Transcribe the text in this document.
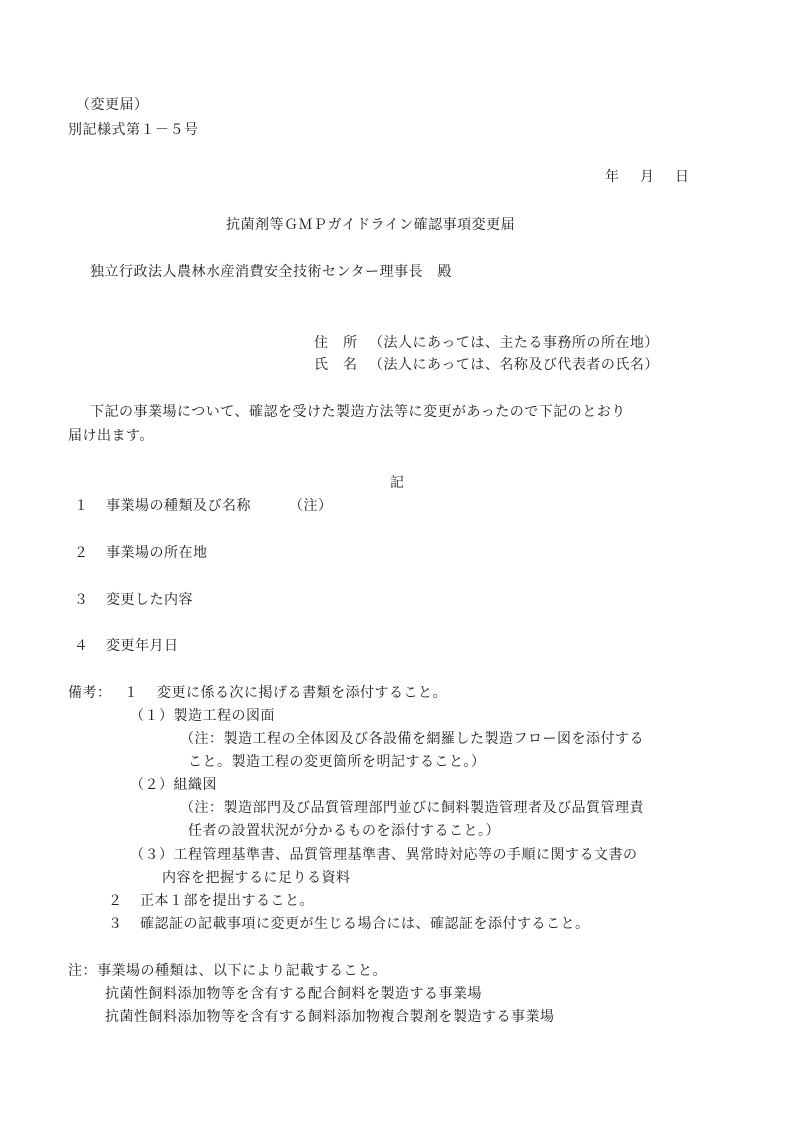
（変更届）
別記様式第１－５号
年 月 日
抗菌剤等ＧＭＰガイドライン確認事項変更届
独立行政法人農林水産消費安全技術センター理事長　殿
住　所 （法人にあっては、主たる事務所の所在地）
氏　名 （法人にあっては、名称及び代表者の氏名）
下記の事業場について、確認を受けた製造方法等に変更があったので下記のとおり
届け出ます。
記
１ 事業場の種類及び名称	（注）
２ 事業場の所在地
３ 変更した内容
４ 変更年月日
備考： １ 変更に係る次に掲げる書類を添付すること。
（１）製造工程の図面
（注：製造工程の全体図及び各設備を網羅した製造フロー図を添付する
こと。製造工程の変更箇所を明記すること。）
（２）組織図
（注：製造部門及び品質管理部門並びに飼料製造管理者及び品質管理責
任者の設置状況が分かるものを添付すること。）
（３）工程管理基準書、品質管理基準書、異常時対応等の手順に関する文書の
内容を把握するに足りる資料
２ 正本１部を提出すること。
３ 確認証の記載事項に変更が生じる場合には、確認証を添付すること。
注：事業場の種類は、以下により記載すること。
抗菌性飼料添加物等を含有する配合飼料を製造する事業場
抗菌性飼料添加物等を含有する飼料添加物複合製剤を製造する事業場
